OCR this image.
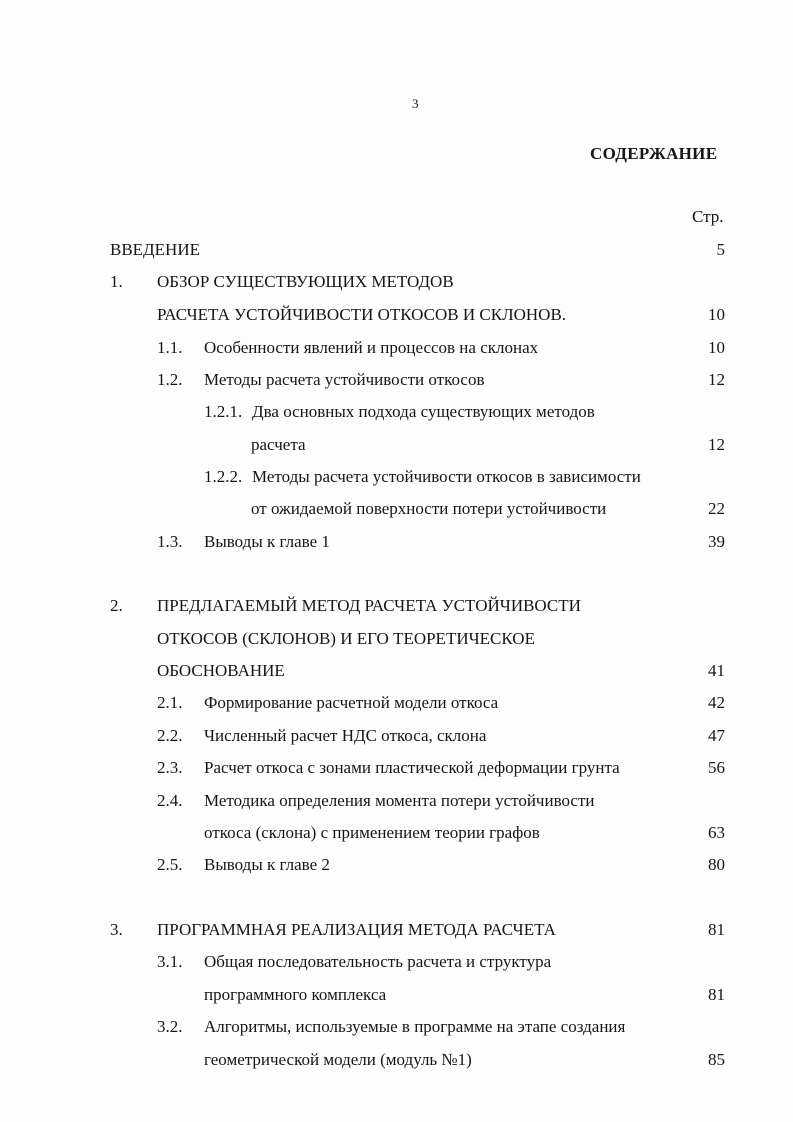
3
СОДЕРЖАНИЕ
Стр.
ВВЕДЕНИЕ	5
1. ОБЗОР СУЩЕСТВУЮЩИХ МЕТОДОВ
РАСЧЕТА УСТОЙЧИВОСТИ ОТКОСОВ И СКЛОНОВ.	10
1.1. Особенности явлений и процессов на склонах	10
1.2. Методы расчета устойчивости откосов	12
1.2.1. Два основных подхода существующих методов
расчета	12
1.2.2. Методы расчета устойчивости откосов в зависимости
от ожидаемой поверхности потери устойчивости	22
1.3. Выводы к главе 1	39
2. ПРЕДЛАГАЕМЫЙ МЕТОД РАСЧЕТА УСТОЙЧИВОСТИ
ОТКОСОВ (СКЛОНОВ) И ЕГО ТЕОРЕТИЧЕСКОЕ
ОБОСНОВАНИЕ	41
2.1. Формирование расчетной модели откоса	42
2.2. Численный расчет НДС откоса, склона	47
2.3. Расчет откоса с зонами пластической деформации грунта	56
2.4. Методика определения момента потери устойчивости
откоса (склона) с применением теории графов	63
2.5. Выводы к главе 2	80
3. ПРОГРАММНАЯ РЕАЛИЗАЦИЯ МЕТОДА РАСЧЕТА	81
3.1. Общая последовательность расчета и структура
программного комплекса	81
3.2. Алгоритмы, используемые в программе на этапе создания
геометрической модели (модуль №1)	85
